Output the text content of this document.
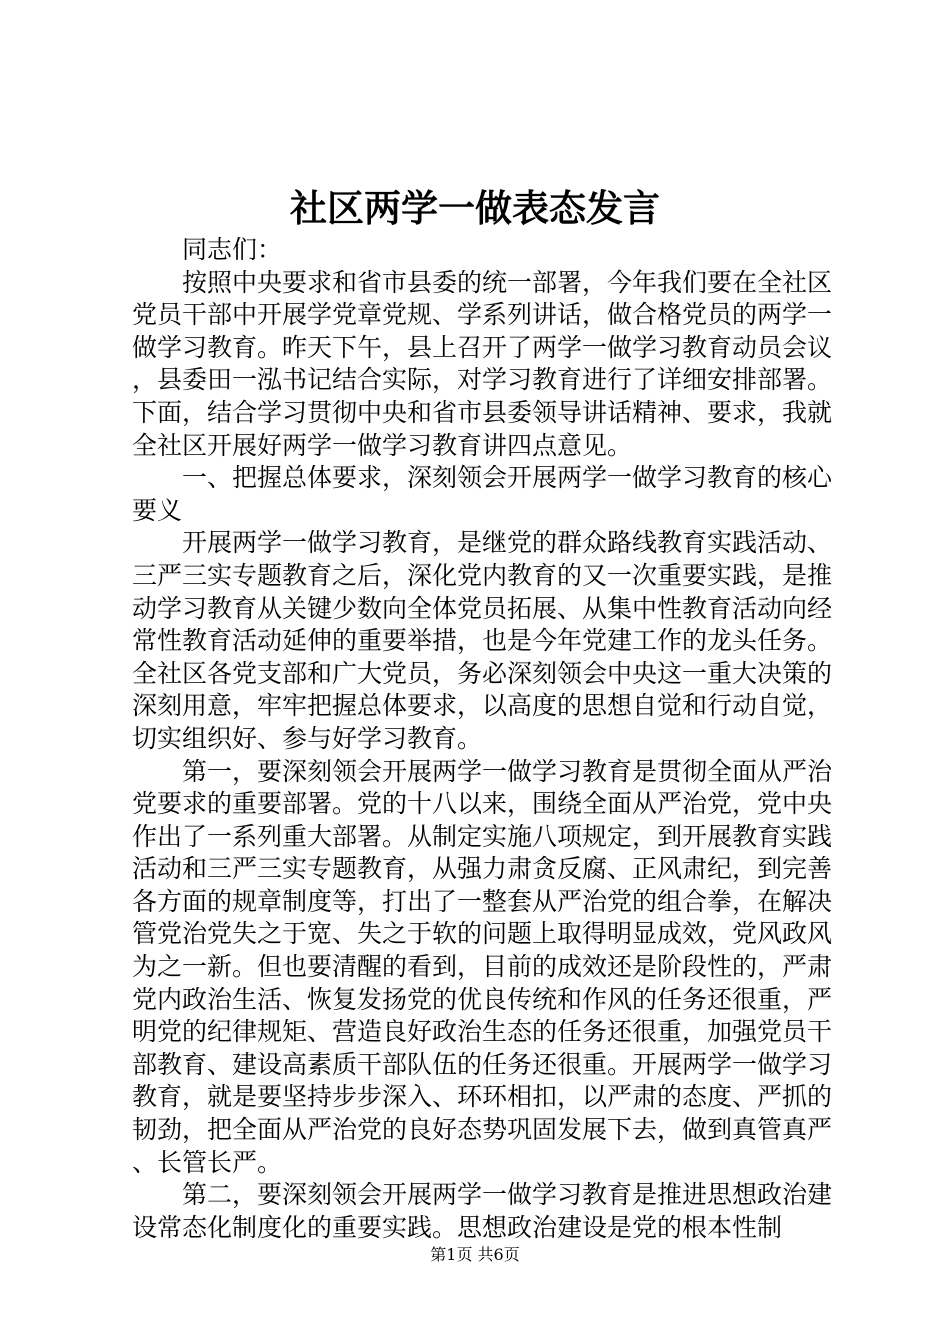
社区两学一做表态发言

同志们：

按照中央要求和省市县委的统一部署，今年我们要在全社区党员干部中开展学党章党规、学系列讲话，做合格党员的两学一做学习教育。昨天下午，县上召开了两学一做学习教育动员会议，县委田一泓书记结合实际，对学习教育进行了详细安排部署。下面，结合学习贯彻中央和省市县委领导讲话精神、要求，我就全社区开展好两学一做学习教育讲四点意见。

一、把握总体要求，深刻领会开展两学一做学习教育的核心要义

开展两学一做学习教育，是继党的群众路线教育实践活动、三严三实专题教育之后，深化党内教育的又一次重要实践，是推动学习教育从关键少数向全体党员拓展、从集中性教育活动向经常性教育活动延伸的重要举措，也是今年党建工作的龙头任务。全社区各党支部和广大党员，务必深刻领会中央这一重大决策的深刻用意，牢牢把握总体要求，以高度的思想自觉和行动自觉，切实组织好、参与好学习教育。

第一，要深刻领会开展两学一做学习教育是贯彻全面从严治党要求的重要部署。党的十八以来，围绕全面从严治党，党中央作出了一系列重大部署。从制定实施八项规定，到开展教育实践活动和三严三实专题教育，从强力肃贪反腐、正风肃纪，到完善各方面的规章制度等，打出了一整套从严治党的组合拳，在解决管党治党失之于宽、失之于软的问题上取得明显成效，党风政风为之一新。但也要清醒的看到，目前的成效还是阶段性的，严肃党内政治生活、恢复发扬党的优良传统和作风的任务还很重，严明党的纪律规矩、营造良好政治生态的任务还很重，加强党员干部教育、建设高素质干部队伍的任务还很重。开展两学一做学习教育，就是要坚持步步深入、环环相扣，以严肃的态度、严抓的韧劲，把全面从严治党的良好态势巩固发展下去，做到真管真严、长管长严。

第二，要深刻领会开展两学一做学习教育是推进思想政治建设常态化制度化的重要实践。思想政治建设是党的根本性制

第1页 共6页
